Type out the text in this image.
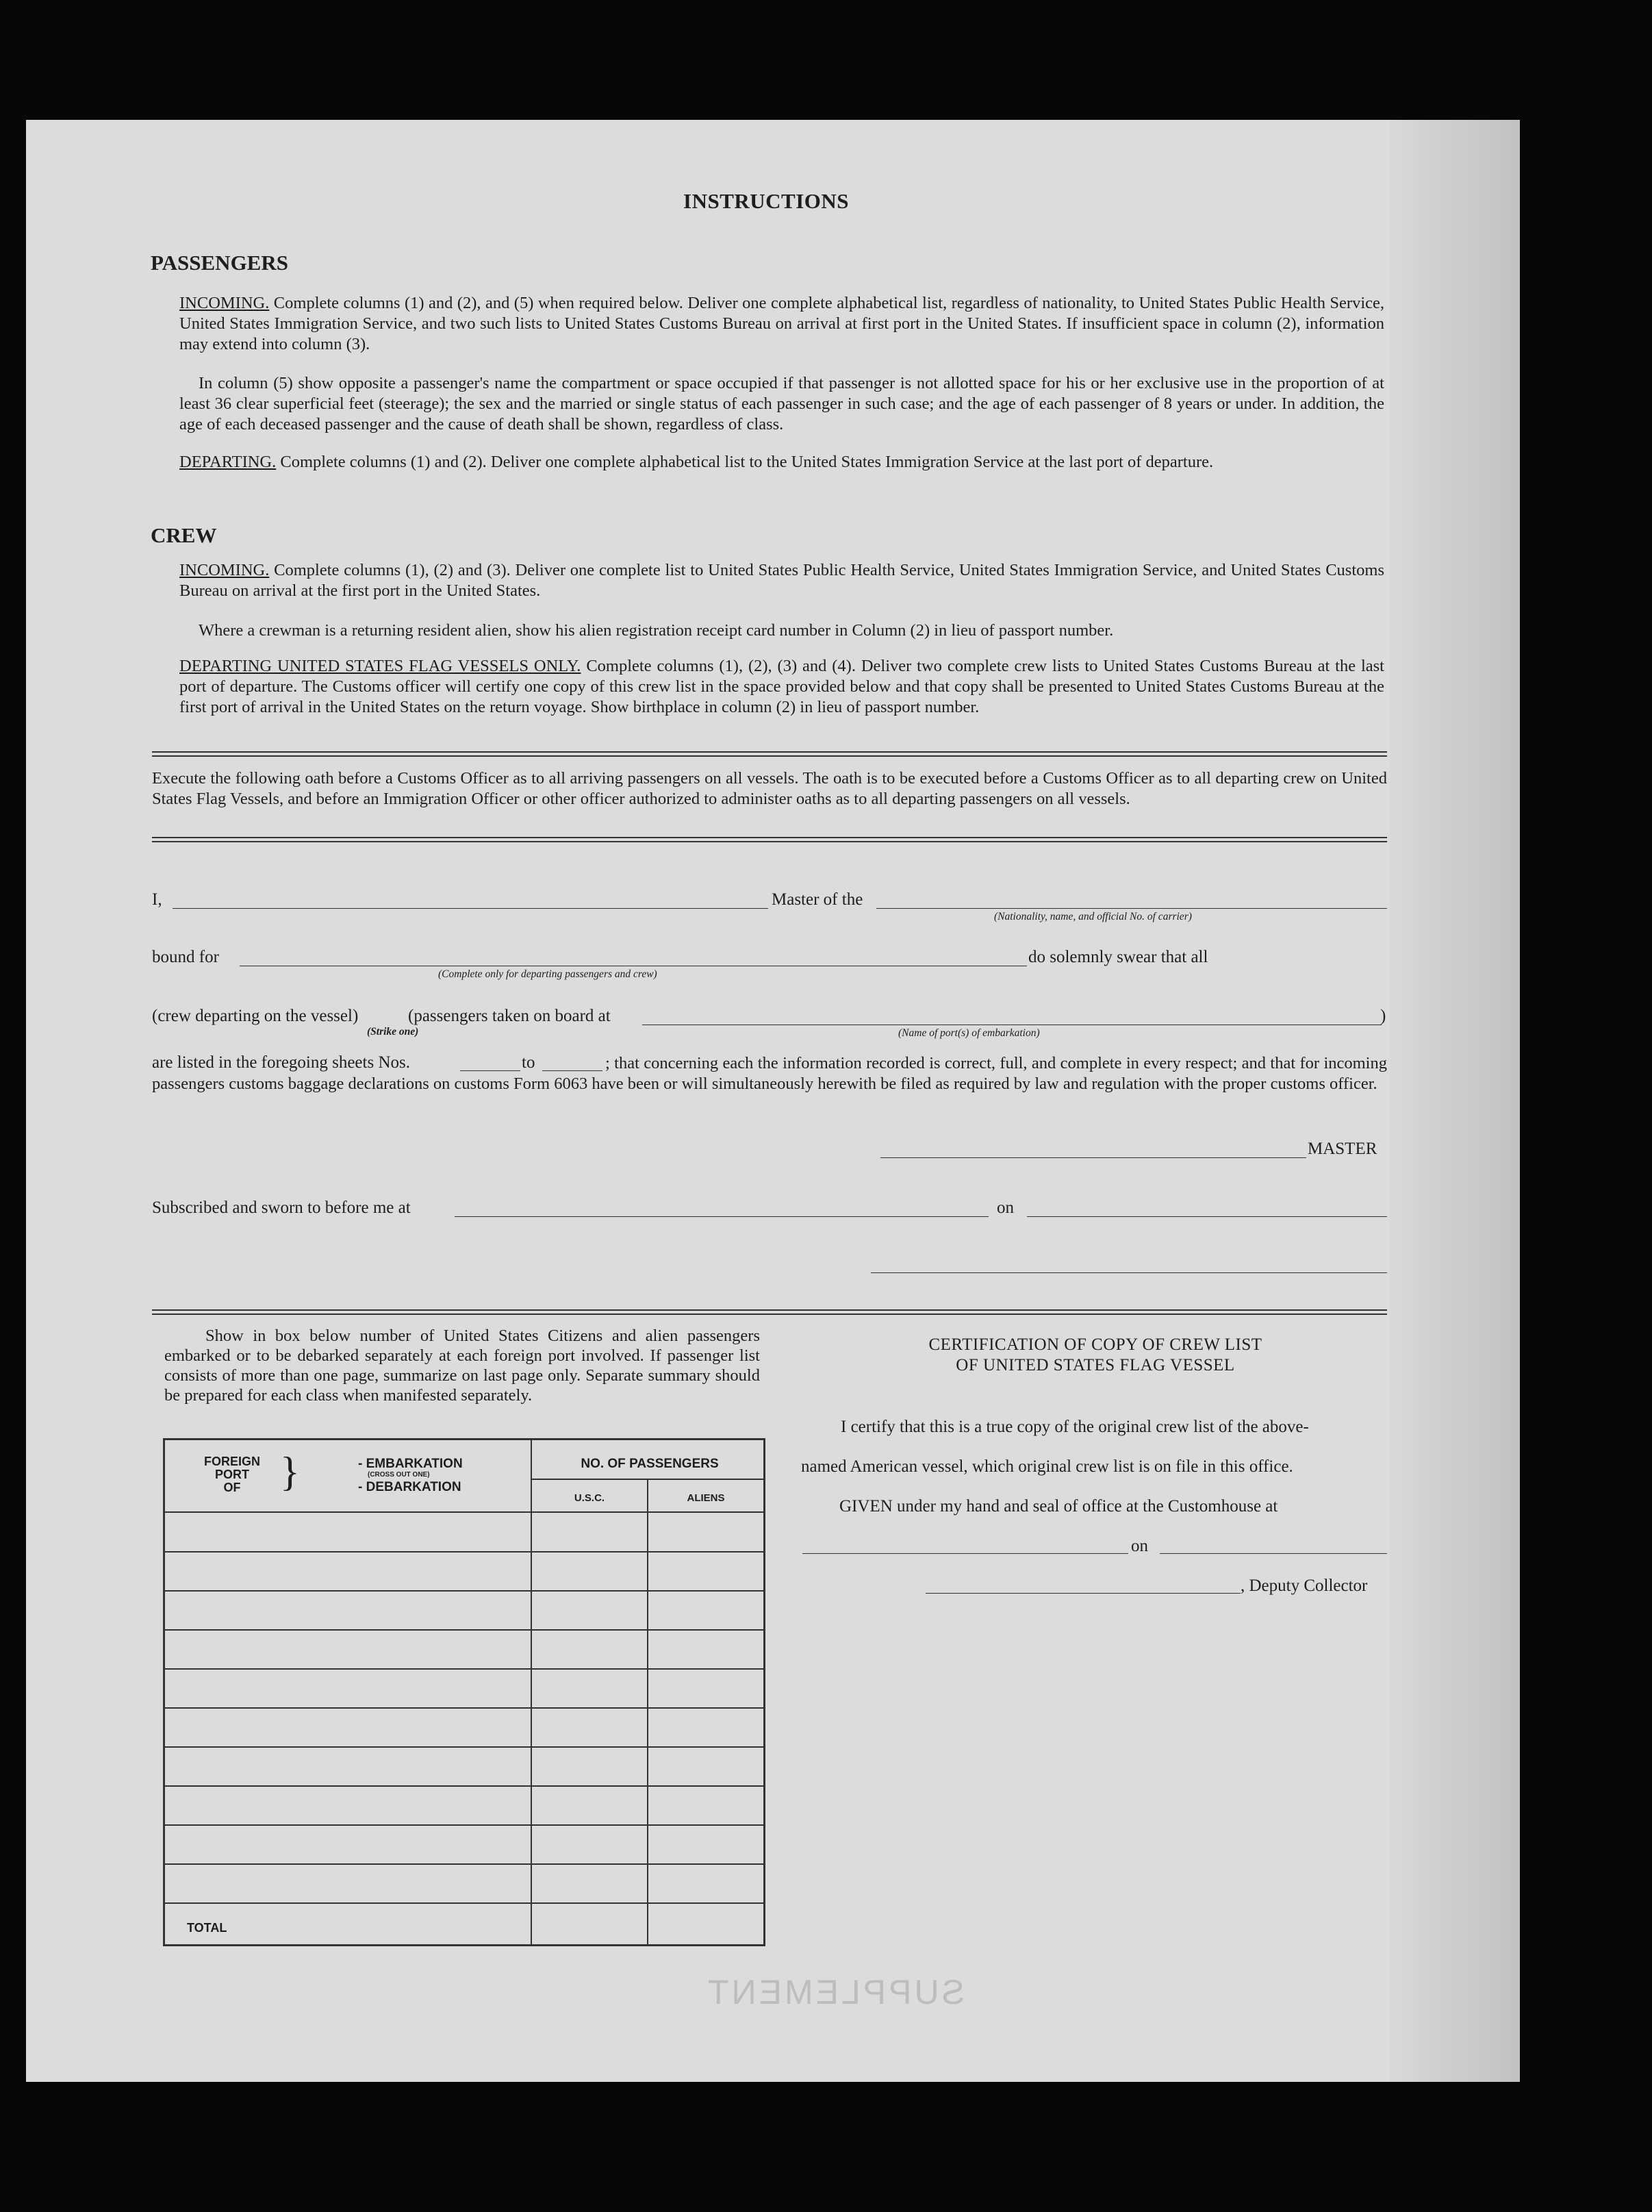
INSTRUCTIONS
PASSENGERS
INCOMING. Complete columns (1) and (2), and (5) when required below. Deliver one complete alphabetical list, regardless of nationality, to United States Public Health Service, United States Immigration Service, and two such lists to United States Customs Bureau on arrival at first port in the United States. If insufficient space in column (2), information may extend into column (3).
In column (5) show opposite a passenger's name the compartment or space occupied if that passenger is not allotted space for his or her exclusive use in the proportion of at least 36 clear superficial feet (steerage); the sex and the married or single status of each passenger in such case; and the age of each passenger of 8 years or under. In addition, the age of each deceased passenger and the cause of death shall be shown, regardless of class.
DEPARTING. Complete columns (1) and (2). Deliver one complete alphabetical list to the United States Immigration Service at the last port of departure.
CREW
INCOMING. Complete columns (1), (2) and (3). Deliver one complete list to United States Public Health Service, United States Immigration Service, and United States Customs Bureau on arrival at the first port in the United States.
Where a crewman is a returning resident alien, show his alien registration receipt card number in Column (2) in lieu of passport number.
DEPARTING UNITED STATES FLAG VESSELS ONLY. Complete columns (1), (2), (3) and (4). Deliver two complete crew lists to United States Customs Bureau at the last port of departure. The Customs officer will certify one copy of this crew list in the space provided below and that copy shall be presented to United States Customs Bureau at the first port of arrival in the United States on the return voyage. Show birthplace in column (2) in lieu of passport number.
Execute the following oath before a Customs Officer as to all arriving passengers on all vessels. The oath is to be executed before a Customs Officer as to all departing crew on United States Flag Vessels, and before an Immigration Officer or other officer authorized to administer oaths as to all departing passengers on all vessels.
I,	Master of the
(Nationality, name, and official No. of carrier)
bound for
(Complete only for departing passengers and crew)
do solemnly swear that all
(crew departing on the vessel)	(passengers taken on board at	)
(Strike one)	(Name of port(s) of embarkation)
are listed in the foregoing sheets Nos.	to	; that concerning each the information recorded is correct, full, and complete in every respect; and that for incoming passengers customs baggage declarations on customs Form 6063 have been or will simultaneously herewith be filed as required by law and regulation with the proper customs officer.
MASTER
Subscribed and sworn to before me at	on
Show in box below number of United States Citizens and alien passengers embarked or to be debarked separately at each foreign port involved. If passenger list consists of more than one page, summarize on last page only. Separate summary should be prepared for each class when manifested separately.
FOREIGN
PORT
OF }	- EMBARKATION
(CROSS OUT ONE)
- DEBARKATION
NO. OF PASSENGERS
U.S.C.	ALIENS
TOTAL
CERTIFICATION OF COPY OF CREW LIST
OF UNITED STATES FLAG VESSEL
I certify that this is a true copy of the original crew list of the above-
named American vessel, which original crew list is on file in this office.
GIVEN under my hand and seal of office at the Customhouse at
on
, Deputy Collector
SUPPLEMENT
